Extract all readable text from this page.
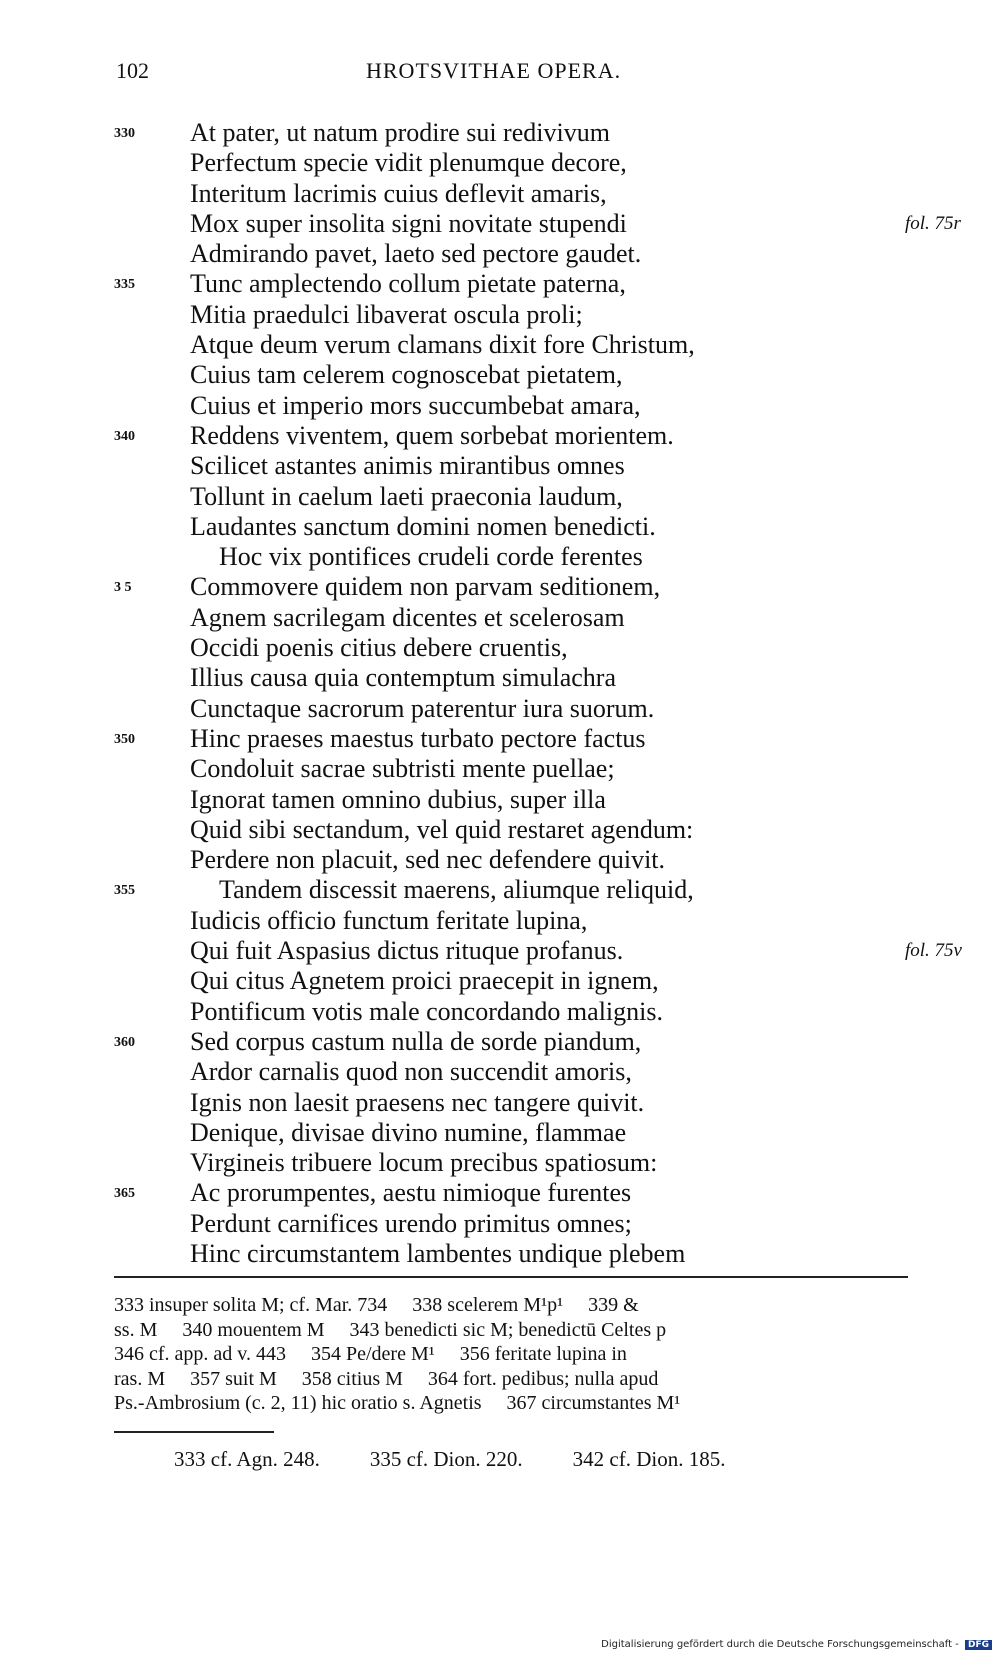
102	HROTSVITHAE OPERA.
330 At pater, ut natum prodire sui redivivum
Perfectum specie vidit plenumque decore,
Interitum lacrimis cuius deflevit amaris,
Mox super insolita signi novitate stupendi	fol. 75r
Admirando pavet, laeto sed pectore gaudet.
335 Tunc amplectendo collum pietate paterna,
Mitia praedulci libaverat oscula proli;
Atque deum verum clamans dixit fore Christum,
Cuius tam celerem cognoscebat pietatem,
Cuius et imperio mors succumbebat amara,
340 Reddens viventem, quem sorbebat morientem.
Scilicet astantes animis mirantibus omnes
Tollunt in caelum laeti praeconia laudum,
Laudantes sanctum domini nomen benedicti.
Hoc vix pontifices crudeli corde ferentes
3 5 Commovere quidem non parvam seditionem,
Agnem sacrilegam dicentes et scelerosam
Occidi poenis citius debere cruentis,
Illius causa quia contemptum simulachra
Cunctaque sacrorum paterentur iura suorum.
350 Hinc praeses maestus turbato pectore factus
Condoluit sacrae subtristi mente puellae;
Ignorat tamen omnino dubius, super illa
Quid sibi sectandum, vel quid restaret agendum:
Perdere non placuit, sed nec defendere quivit.
355	Tandem discessit maerens, aliumque reliquid,
Iudicis officio functum feritate lupina,
Qui fuit Aspasius dictus rituque profanus.	fol. 75v
Qui citus Agnetem proici praecepit in ignem,
Pontificum votis male concordando malignis.
360 Sed corpus castum nulla de sorde piandum,
Ardor carnalis quod non succendit amoris,
Ignis non laesit praesens nec tangere quivit.
Denique, divisae divino numine, flammae
Virgineis tribuere locum precibus spatiosum:
365 Ac prorumpentes, aestu nimioque furentes
Perdunt carnifices urendo primitus omnes;
Hinc circumstantem lambentes undique plebem
333 insuper solita M; cf. Mar. 734     338 scelerem M¹p¹     339 &
ss. M     340 mouentem M     343 benedicti sic M; benedictū Celtes p
346 cf. app. ad v. 443     354 Pe/dere M¹     356 feritate lupina in
ras. M     357 suit M     358 citius M     364 fort. pedibus; nulla apud
Ps.-Ambrosium (c. 2, 11) hic oratio s. Agnetis     367 circumstantes M¹
333 cf. Agn. 248. 335 cf. Dion. 220. 342 cf. Dion. 185.
Digitalisierung gefördert durch die Deutsche Forschungsgemeinschaft - DFG
